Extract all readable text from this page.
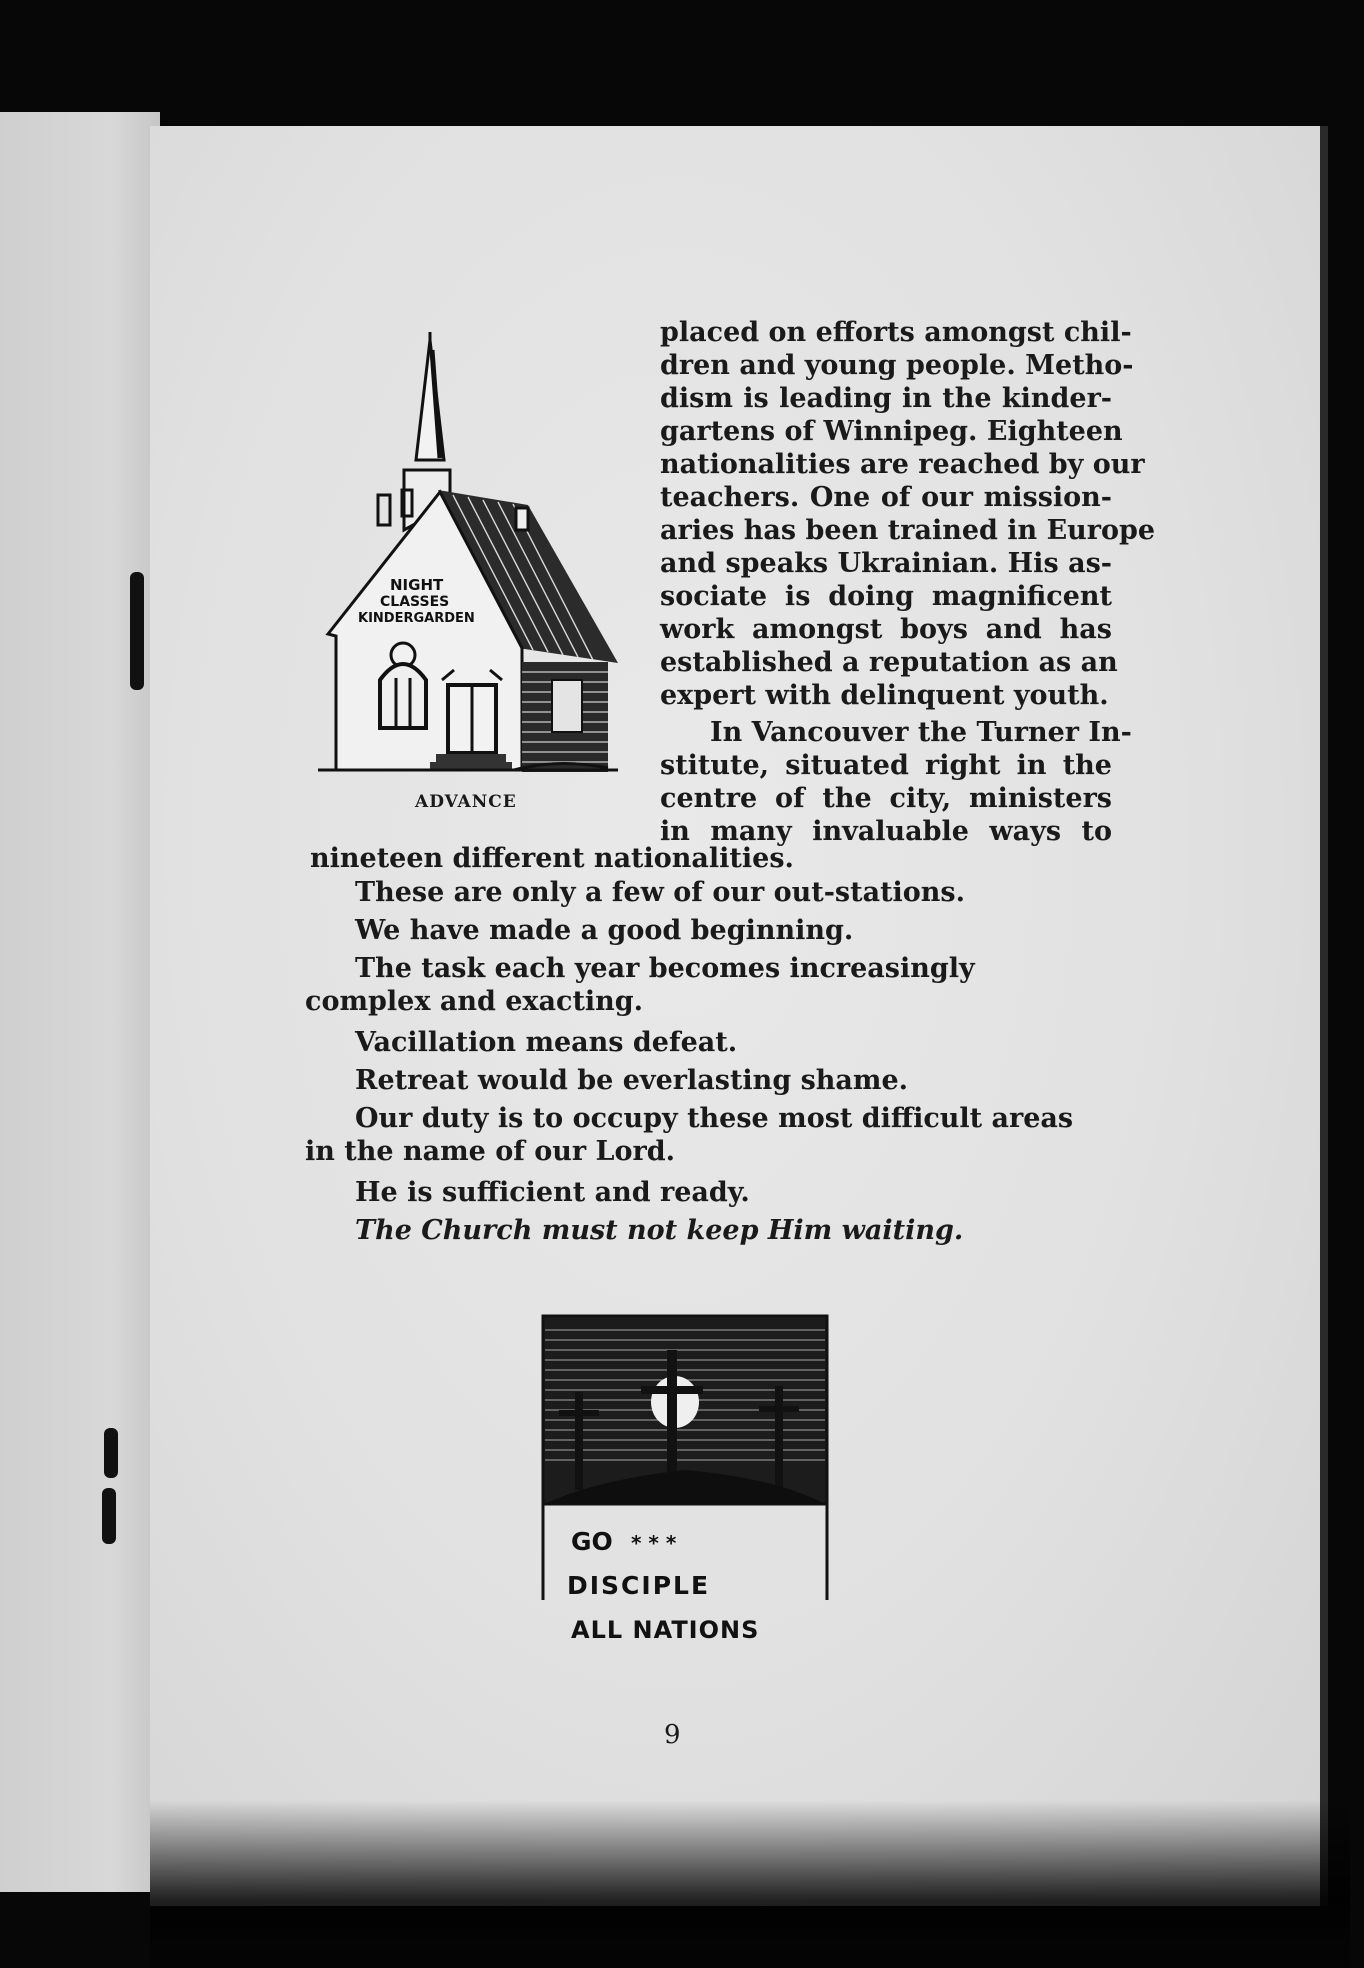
NIGHT
CLASSES
KINDERGARDEN
ADVANCE
placed on efforts amongst chil-
dren and young people. Metho-
dism is leading in the kinder-
gartens of Winnipeg. Eighteen
nationalities are reached by our
teachers. One of our mission-
aries has been trained in Europe
and speaks Ukrainian. His as-
sociate is doing magnificent
work amongst boys and has
established a reputation as an
expert with delinquent youth.
In Vancouver the Turner In-
stitute, situated right in the
centre of the city, ministers
in many invaluable ways to

nineteen different nationalities.

These are only a few of our out-stations.

We have made a good beginning.

The task each year becomes increasingly complex and exacting.

Vacillation means defeat.

Retreat would be everlasting shame.

Our duty is to occupy these most difficult areas in the name of our Lord.

He is sufficient and ready.

The Church must not keep Him waiting.

GO * * *
DISCIPLE
ALL NATIONS
9
